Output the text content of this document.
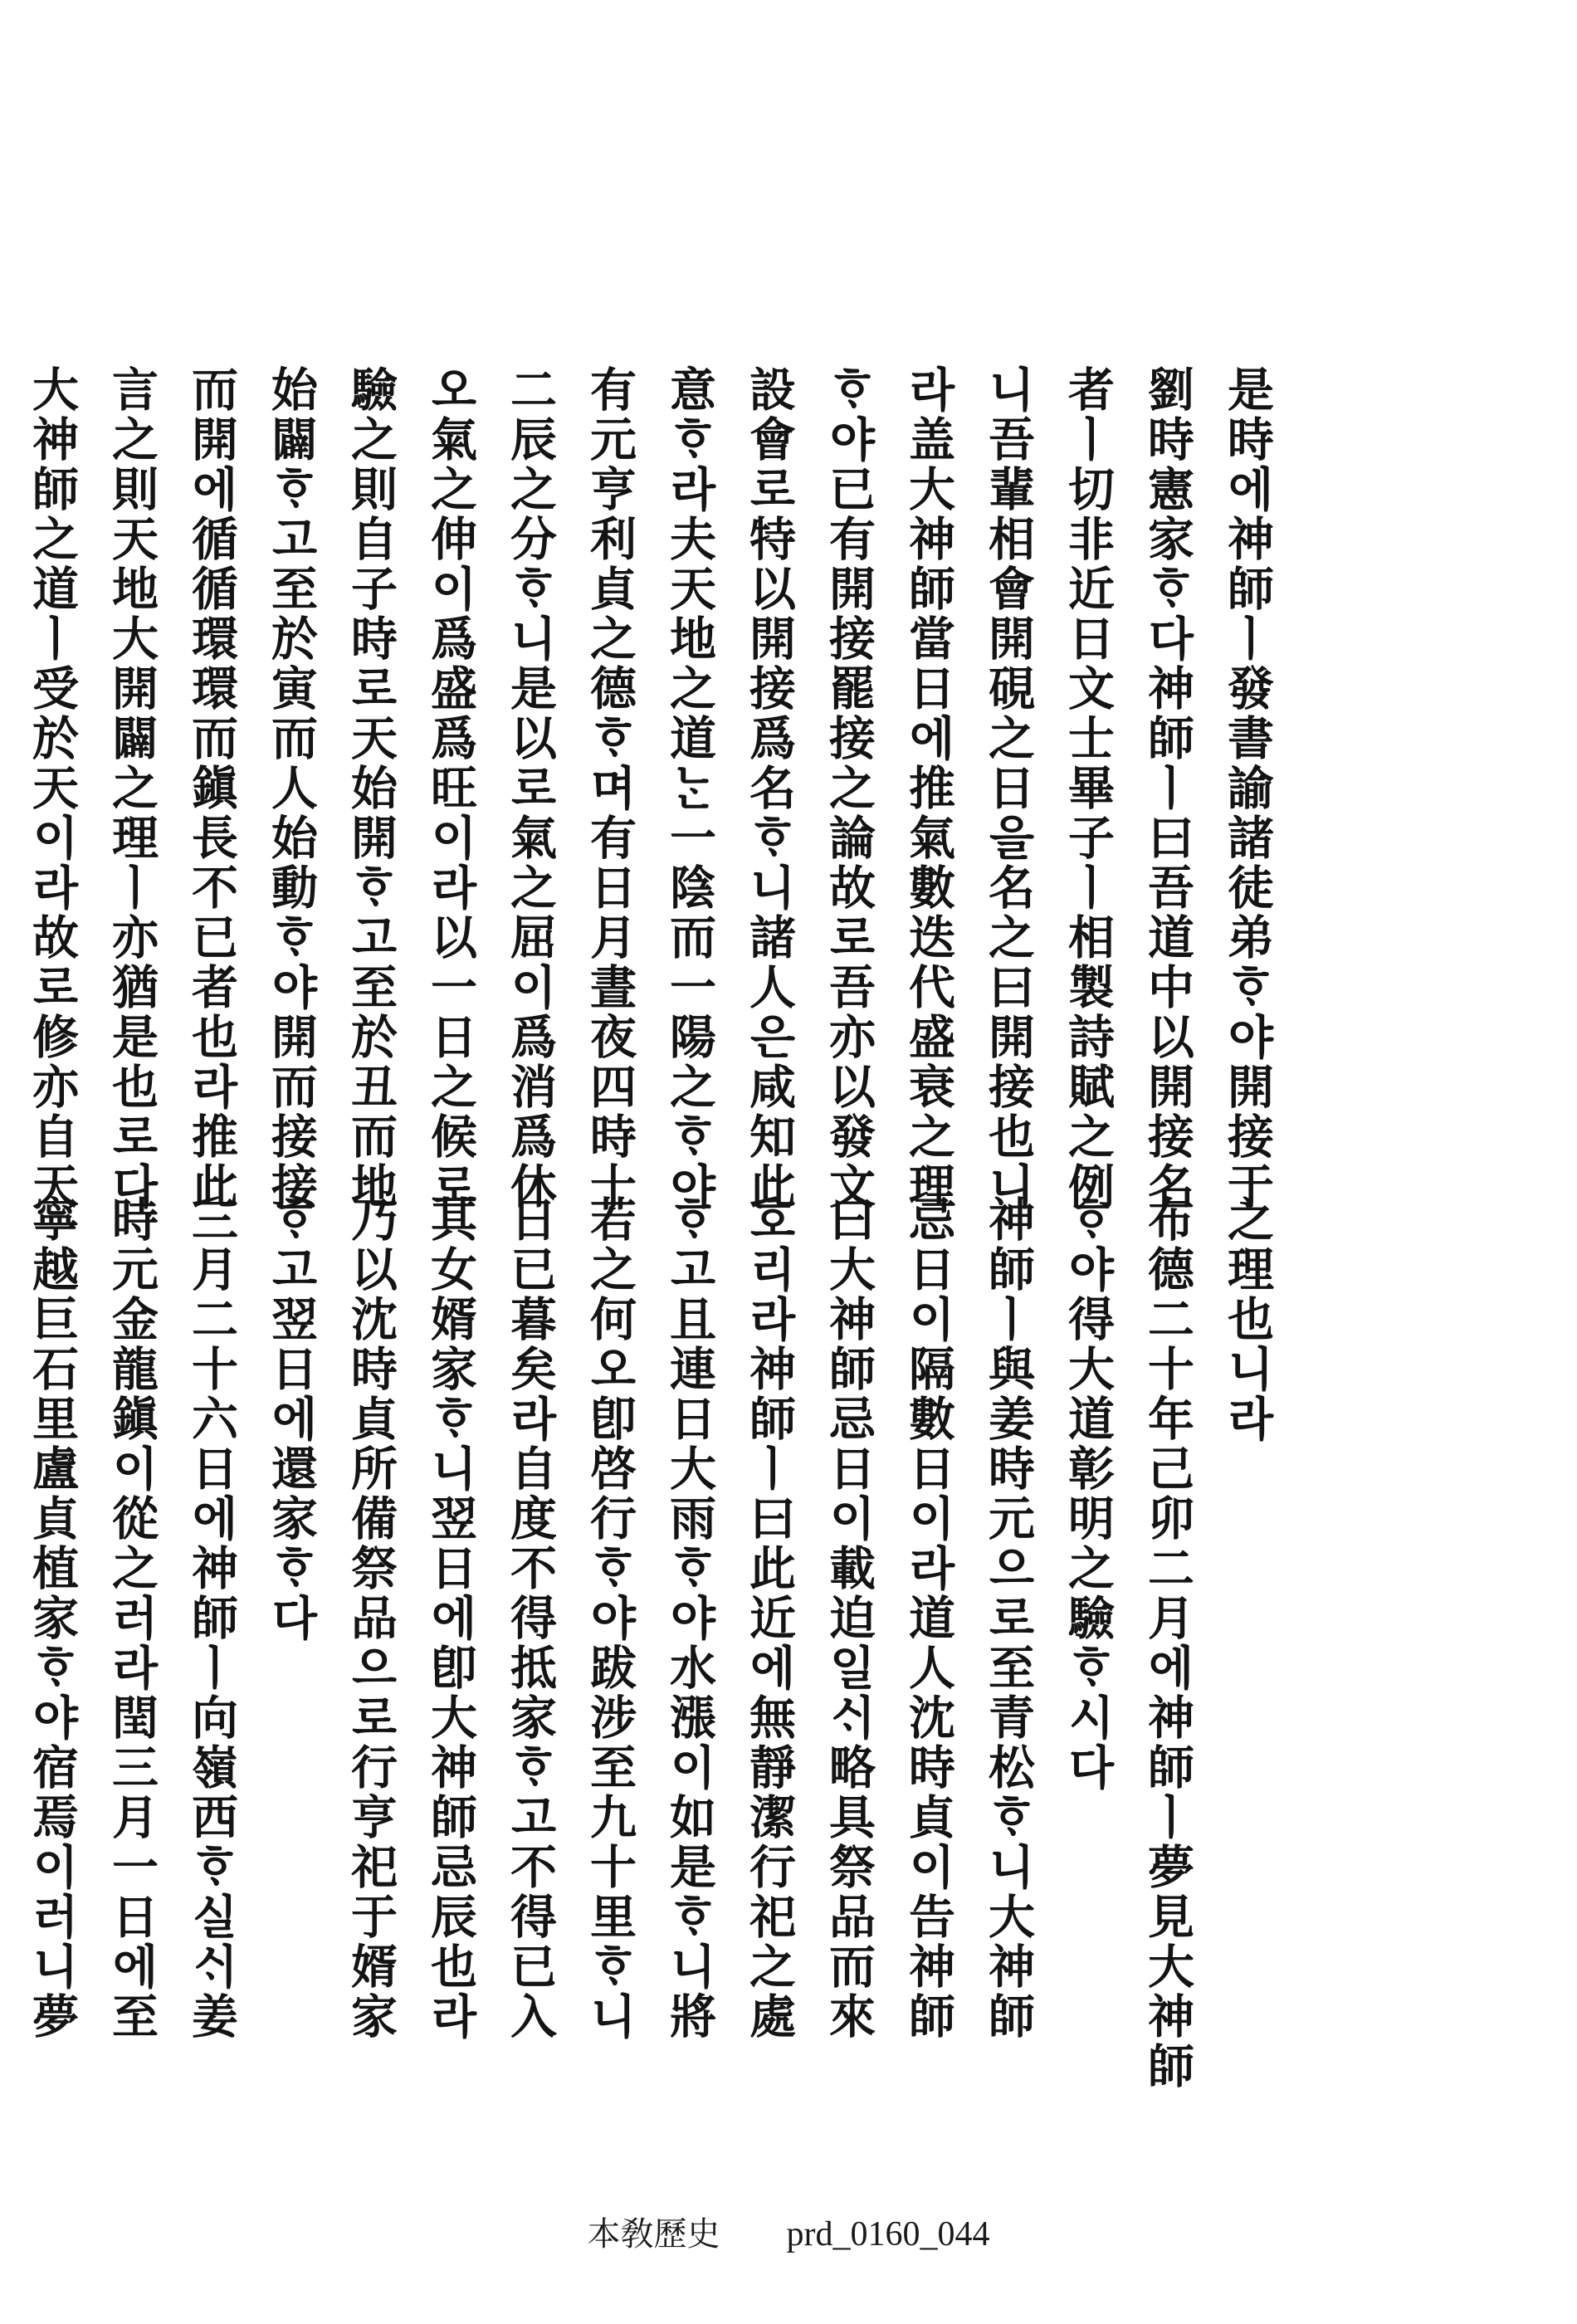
是時에神師ㅣ發書諭諸徒弟ᄒᆞ야開接于
劉時憲家ᄒᆞ다神師ㅣ曰吾道中以開接名
者ㅣ切非近日文士畢子ㅣ相製詩賦之例
니吾輩相會開硯之日을名之曰開接也니
라盖大神師當日에推氣數迭代盛衰之理
ᄒᆞ야已有開接罷接之論故로吾亦以發文
設會로特以開接爲名ᄒᆞ니諸人은咸知此
意ᄒᆞ라夫天地之道ᄂᆞᆫ一陰而一陽之ᄒᆞ야
有元亨利貞之德ᄒᆞ며有日月晝夜四時十
二辰之分ᄒᆞ니是以로氣之屈이爲消爲休
오氣之伸이爲盛爲旺이라以一日之候로
驗之則自子時로天始開ᄒᆞ고至於丑而地
始闢ᄒᆞ고至於寅而人始動ᄒᆞ야開而接接
而開에循循環環而鎭長不已者也라推此
言之則天地大開闢之理ㅣ亦猶是也로다
大神師之道ㅣ受於天이라故로修亦自天
之理也니라
布德二十年己卯二月에神師ㅣ夢見大神師
ᄒᆞ야得大道彰明之驗ᄒᆞ시다
神師ㅣ與姜時元으로至青松ᄒᆞ니大神師
忌日이隔數日이라道人沈時貞이告神師
曰大神師忌日이載迫일ᄉᆡ略具祭品而來
호리라神師ㅣ曰此近에無靜潔行祀之處
ᄒᆞ고且連日大雨ᄒᆞ야水漲이如是ᄒᆞ니將
若之何오卽啓行ᄒᆞ야跋涉至九十里ᄒᆞ니
日已暮矣라自度不得抵家ᄒᆞ고不得已入
其女婿家ᄒᆞ니翌日에卽大神師忌辰也라
乃以沈時貞所備祭品으로行亨祀于婿家
ᄒᆞ고翌日에還家ᄒᆞ다
三月二十六日에神師ㅣ向嶺西ᄒᆞ실ᄉᆡ姜
時元金龍鎭이從之러라閏三月一日에至
寧越巨石里盧貞植家ᄒᆞ야宿焉이러니夢
本敎歷史 prd_0160_044
